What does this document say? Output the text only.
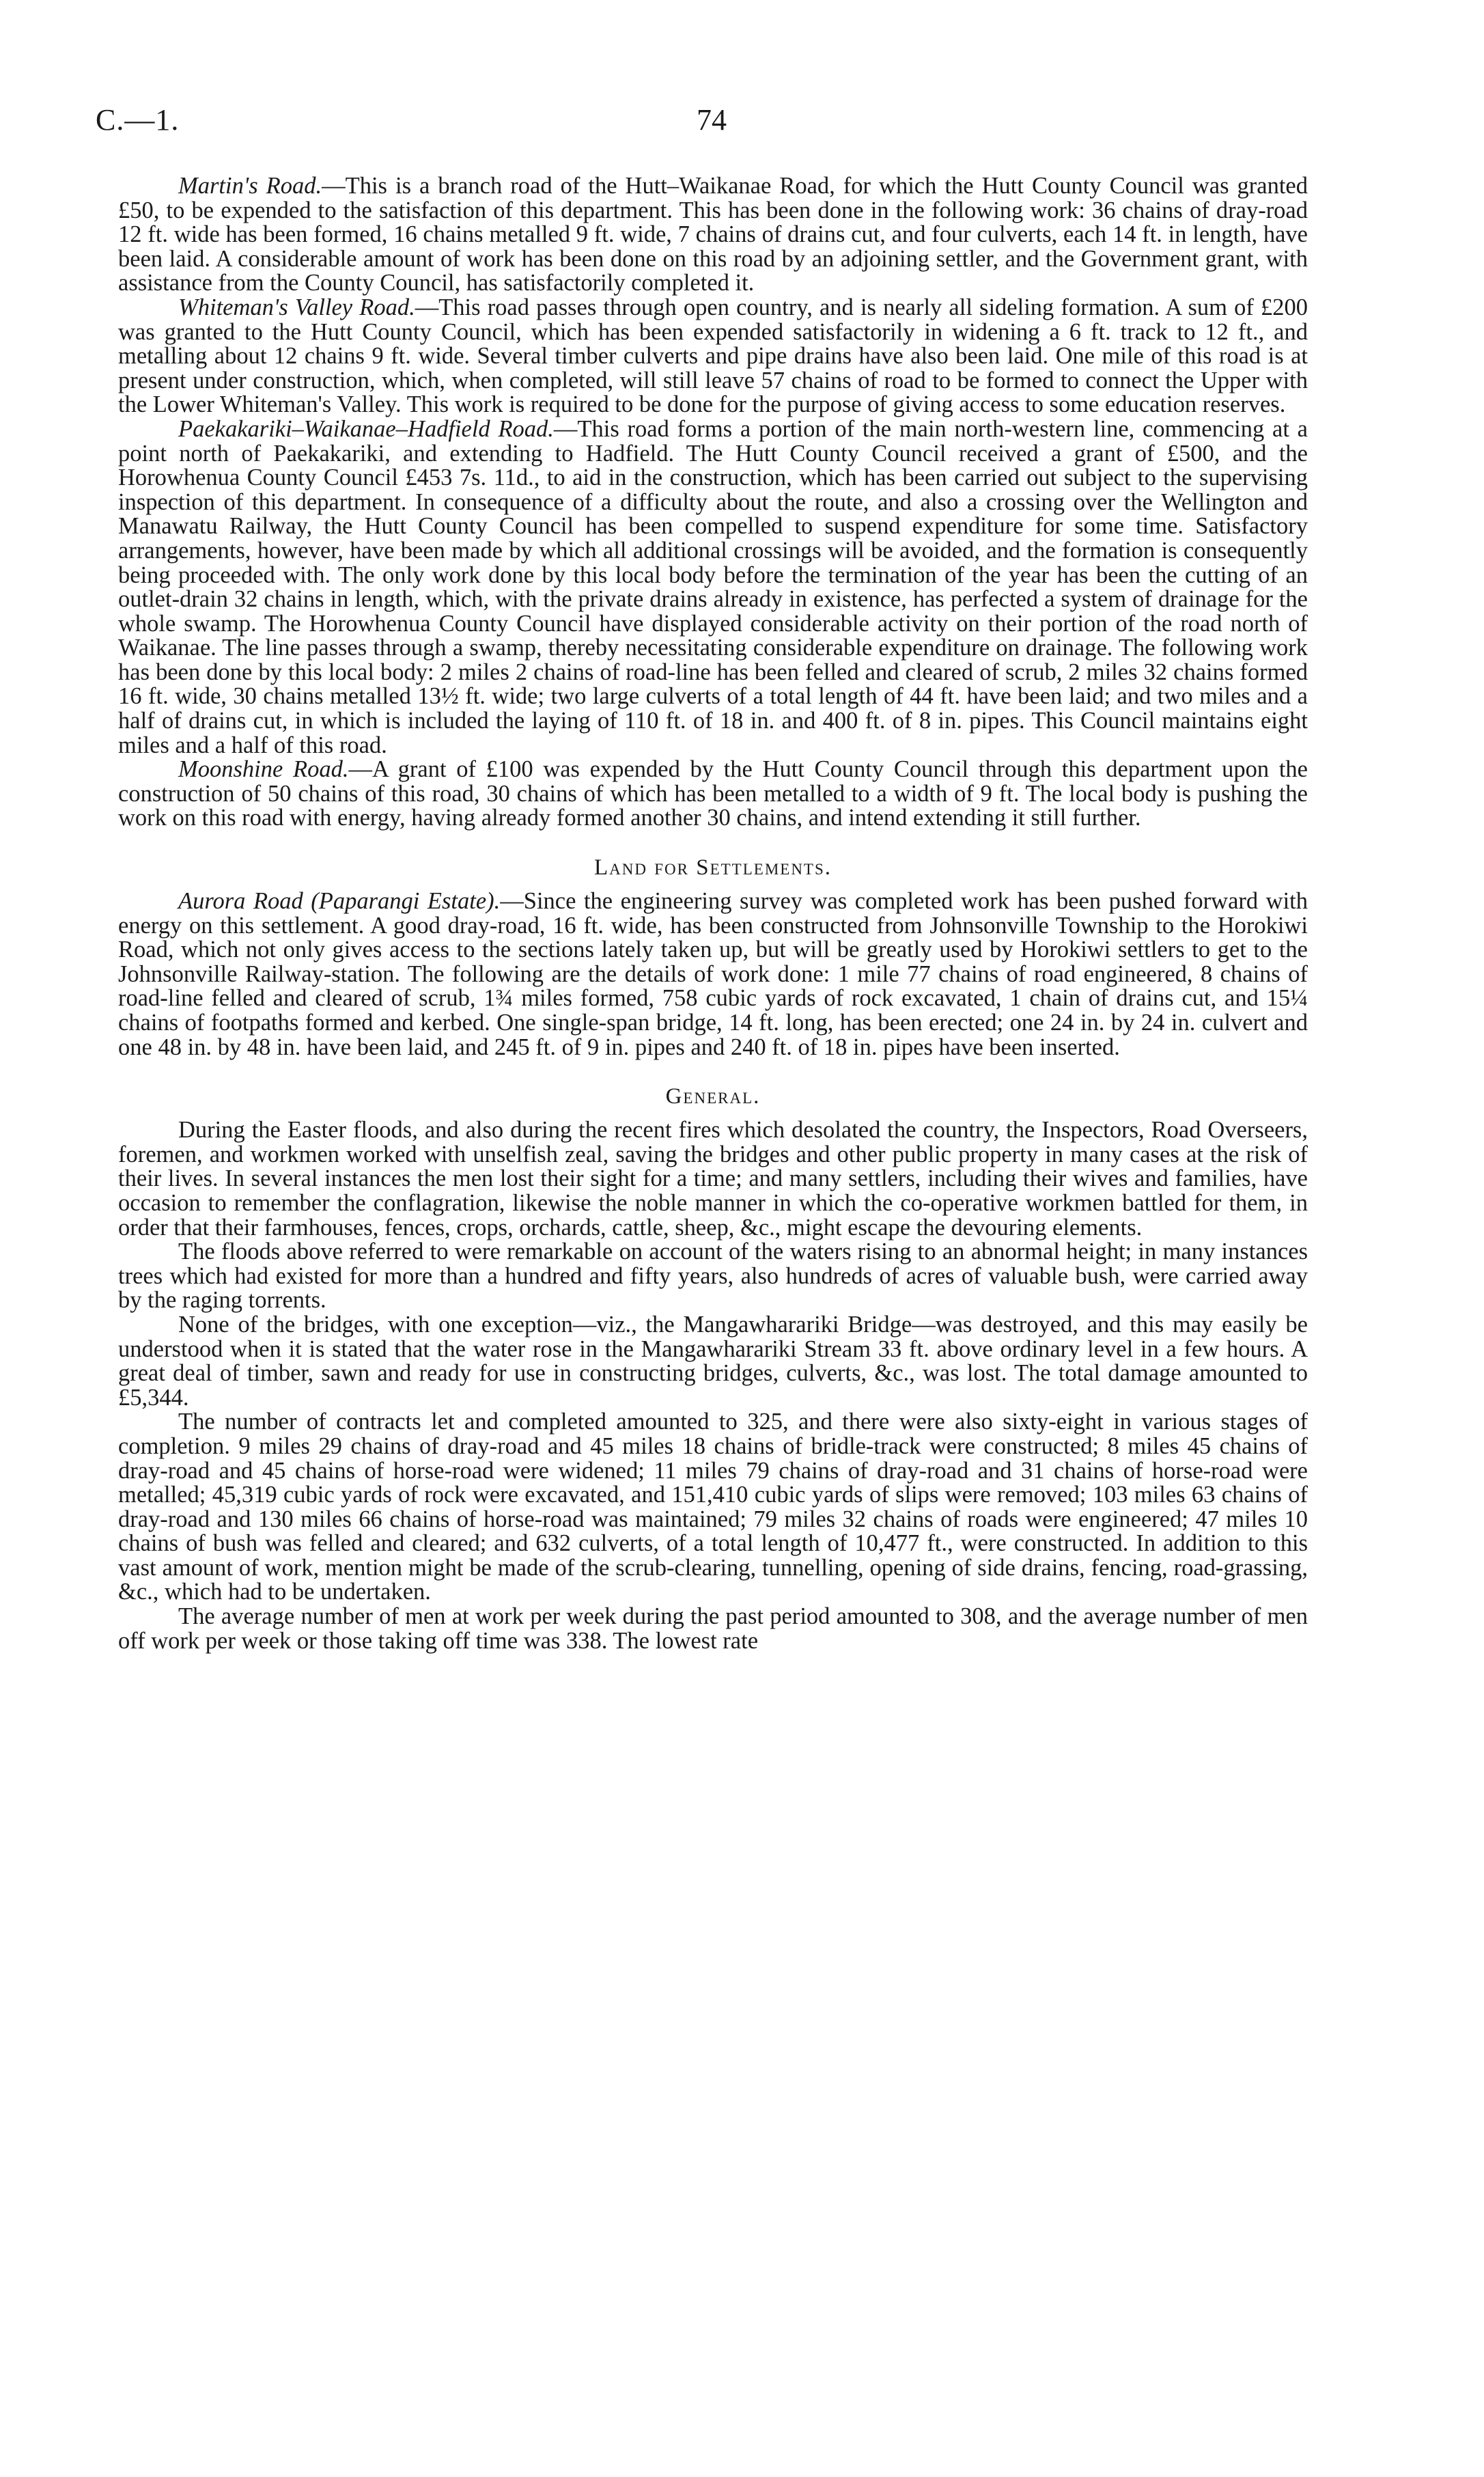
C.—1.	74

Martin's Road.—This is a branch road of the Hutt–Waikanae Road, for which the Hutt County Council was granted £50, to be expended to the satisfaction of this department. This has been done in the following work: 36 chains of dray-road 12 ft. wide has been formed, 16 chains metalled 9 ft. wide, 7 chains of drains cut, and four culverts, each 14 ft. in length, have been laid. A considerable amount of work has been done on this road by an adjoining settler, and the Government grant, with assistance from the County Council, has satisfactorily completed it.

Whiteman's Valley Road.—This road passes through open country, and is nearly all sideling formation. A sum of £200 was granted to the Hutt County Council, which has been expended satisfactorily in widening a 6 ft. track to 12 ft., and metalling about 12 chains 9 ft. wide. Several timber culverts and pipe drains have also been laid. One mile of this road is at present under construction, which, when completed, will still leave 57 chains of road to be formed to connect the Upper with the Lower Whiteman's Valley. This work is required to be done for the purpose of giving access to some education reserves.

Paekakariki–Waikanae–Hadfield Road.—This road forms a portion of the main north-western line, commencing at a point north of Paekakariki, and extending to Hadfield. The Hutt County Council received a grant of £500, and the Horowhenua County Council £453 7s. 11d., to aid in the construction, which has been carried out subject to the supervising inspection of this department. In consequence of a difficulty about the route, and also a crossing over the Wellington and Manawatu Railway, the Hutt County Council has been compelled to suspend expenditure for some time. Satisfactory arrangements, however, have been made by which all additional crossings will be avoided, and the formation is consequently being proceeded with. The only work done by this local body before the termination of the year has been the cutting of an outlet-drain 32 chains in length, which, with the private drains already in existence, has perfected a system of drainage for the whole swamp. The Horowhenua County Council have displayed considerable activity on their portion of the road north of Waikanae. The line passes through a swamp, thereby necessitating considerable expenditure on drainage. The following work has been done by this local body: 2 miles 2 chains of road-line has been felled and cleared of scrub, 2 miles 32 chains formed 16 ft. wide, 30 chains metalled 13½ ft. wide; two large culverts of a total length of 44 ft. have been laid; and two miles and a half of drains cut, in which is included the laying of 110 ft. of 18 in. and 400 ft. of 8 in. pipes. This Council maintains eight miles and a half of this road.

Moonshine Road.—A grant of £100 was expended by the Hutt County Council through this department upon the construction of 50 chains of this road, 30 chains of which has been metalled to a width of 9 ft. The local body is pushing the work on this road with energy, having already formed another 30 chains, and intend extending it still further.

Land for Settlements.

Aurora Road (Paparangi Estate).—Since the engineering survey was completed work has been pushed forward with energy on this settlement. A good dray-road, 16 ft. wide, has been constructed from Johnsonville Township to the Horokiwi Road, which not only gives access to the sections lately taken up, but will be greatly used by Horokiwi settlers to get to the Johnsonville Railway-station. The following are the details of work done: 1 mile 77 chains of road engineered, 8 chains of road-line felled and cleared of scrub, 1¾ miles formed, 758 cubic yards of rock excavated, 1 chain of drains cut, and 15¼ chains of footpaths formed and kerbed. One single-span bridge, 14 ft. long, has been erected; one 24 in. by 24 in. culvert and one 48 in. by 48 in. have been laid, and 245 ft. of 9 in. pipes and 240 ft. of 18 in. pipes have been inserted.

General.

During the Easter floods, and also during the recent fires which desolated the country, the Inspectors, Road Overseers, foremen, and workmen worked with unselfish zeal, saving the bridges and other public property in many cases at the risk of their lives. In several instances the men lost their sight for a time; and many settlers, including their wives and families, have occasion to remember the conflagration, likewise the noble manner in which the co-operative workmen battled for them, in order that their farmhouses, fences, crops, orchards, cattle, sheep, &c., might escape the devouring elements.

The floods above referred to were remarkable on account of the waters rising to an abnormal height; in many instances trees which had existed for more than a hundred and fifty years, also hundreds of acres of valuable bush, were carried away by the raging torrents.

None of the bridges, with one exception—viz., the Mangawharariki Bridge—was destroyed, and this may easily be understood when it is stated that the water rose in the Mangawharariki Stream 33 ft. above ordinary level in a few hours. A great deal of timber, sawn and ready for use in constructing bridges, culverts, &c., was lost. The total damage amounted to £5,344.

The number of contracts let and completed amounted to 325, and there were also sixty-eight in various stages of completion. 9 miles 29 chains of dray-road and 45 miles 18 chains of bridle-track were constructed; 8 miles 45 chains of dray-road and 45 chains of horse-road were widened; 11 miles 79 chains of dray-road and 31 chains of horse-road were metalled; 45,319 cubic yards of rock were excavated, and 151,410 cubic yards of slips were removed; 103 miles 63 chains of dray-road and 130 miles 66 chains of horse-road was maintained; 79 miles 32 chains of roads were engineered; 47 miles 10 chains of bush was felled and cleared; and 632 culverts, of a total length of 10,477 ft., were constructed. In addition to this vast amount of work, mention might be made of the scrub-clearing, tunnelling, opening of side drains, fencing, road-grassing, &c., which had to be undertaken.

The average number of men at work per week during the past period amounted to 308, and the average number of men off work per week or those taking off time was 338. The lowest rate
